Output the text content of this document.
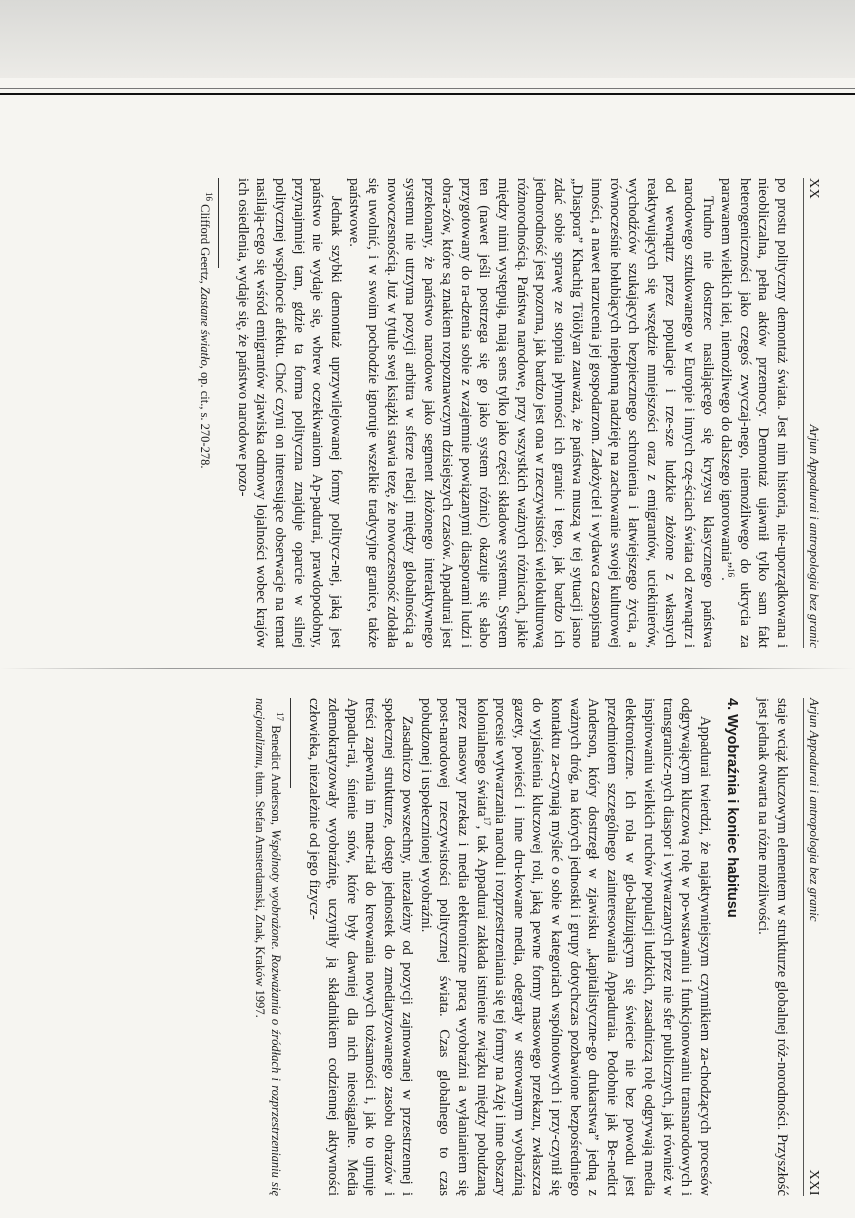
XX
Arjun Appadurai i antropologia bez granic

po prostu polityczny demontaż świata. Jest nim historia, nie-uporządkowana i nieobliczalna, pełna aktów przemocy. Demontaż ujawnił tylko sam fakt heterogeniczności jako czegoś zwyczaj-nego, niemożliwego do ukrycia za parawanem wielkich idei, niemożliwego do dalszego ignorowania”$^{16}$.

Trudno nie dostrzec nasilającego się kryzysu klasycznego państwa narodowego sztukowanego w Europie i innych czę-ściach świata od zewnątrz i od wewnątrz przez populacje i rze-sze ludzkie złożone z własnych reaktywujących się wszędzie mniejszości oraz z emigrantów, uciekinierów, wychodźców szukających bezpiecznego schronienia i łatwiejszego życia, a równocześnie hołubiących niepłonną nadzieję na zachowanie swojej kulturowej inności, a nawet narzucenia jej gospodarzom. Założyciel i wydawca czasopisma „Diaspora” Khachig Tölölyan zauważa, że państwa muszą w tej sytuacji jasno zdać sobie sprawę ze stopnia płynności ich granic i tego, jak bardzo ich jednorodność jest pozorna, jak bardzo jest ona w rzeczywistości wielokulturową różnorodnością. Państwa narodowe, przy wszystkich ważnych różnicach, jakie między nimi występują, mają sens tylko jako części składowe systemu. System ten (nawet jeśli postrzega się go jako system różnic) okazuje się słabo przygotowany do ra-dzenia sobie z wzajemnie powiązanymi diasporami ludzi i obra-zów, które są znakiem rozpoznawczym dzisiejszych czasów. Appadurai jest przekonany, że państwo narodowe jako segment złożonego interaktywnego systemu nie utrzyma pozycji arbitra w sferze relacji między globalnością a nowoczesnością. Już w tytule swej książki stawia tezę, że nowoczesność zdołała się uwolnić, i w swoim pochodzie ignoruje wszelkie tradycyjne granice, także państwowe.

Jednak szybki demontaż uprzywilejowanej formy politycz-nej, jaką jest państwo nie wydaje się, wbrew oczekiwaniom Ap-padurai, prawdopodobny, przynajmniej tam, gdzie ta forma polityczna znajduje oparcie w silnej politycznej wspólnocie afektu. Choć czyni on interesujące obserwacje na temat nasilają-cego się wśród emigrantów zjawiska odmowy lojalności wobec krajów ich osiedlenia, wydaje się, że państwo narodowe pozo-

$^{16}$ Clifford Geertz, Zastane światło, op. cit., s. 270-278.

Arjun Appadurai i antropologia bez granic
XXI

staje wciąż kluczowym elementem w strukturze globalnej róż-norodności. Przyszłość jest jednak otwarta na różne możliwości.

4. Wyobraźnia i koniec habitusu

Appadurai twierdzi, że najaktywniejszym czynnikiem za-chodzących procesów odgrywającym kluczową rolę w po-wstawaniu i funkcjonowaniu transnarodowych i transgranicz-nych diaspor i wytwarzanych przez nie sfer publicznych, jak również w inspirowaniu wielkich ruchów populacji ludzkich, zasadniczą rolę odgrywają media elektroniczne. Ich rola w glo-balizującym się świecie nie bez powodu jest przedmiotem szczególnego zainteresowania Appaduraia. Podobnie jak Be-nedict Anderson, który dostrzegł w zjawisku „kapitalistyczne-go drukarstwa” jedną z ważnych dróg, na których jednostki i grupy dotychczas pozbawione bezpośredniego kontaktu za-czynają myśleć o sobie w kategoriach wspólnotowych i przy-czynił się do wyjaśnienia kluczowej roli, jaką pewne formy masowego przekazu, zwłaszcza gazety, powieści i inne dru-kowane media, odegrały w sterowanym wyobraźnią procesie wytwarzania narodu i rozprzestrzeniania się tej formy na Azję i inne obszary kolonialnego świata$^{17}$, tak Appadurai zakłada istnienie związku między pobudzaną przez masowy przekaz i media elektroniczne pracą wyobraźni a wyłanianiem się post-narodowej rzeczywistości politycznej świata. Czas globalnego to czas pobudzonej i uspołecznionej wyobraźni.

Zasadniczo powszechny, niezależny od pozycji zajmowanej w przestrzennej i społecznej strukturze, dostęp jednostek do zmediatyzowanego zasobu obrazów i treści zapewnia im mate-riał do kreowania nowych tożsamości i, jak to ujmuje Appadu-rai, śnienie snów, które były dawniej dla nich nieosiągalne. Media zdemokratyzowały wyobraźnię, uczyniły ją składnikiem codziennej aktywności człowieka, niezależnie od jego fizycz-

$^{17}$ Benedict Anderson, Wspólnoty wyobrażone. Rozważania o źródłach i rozprzestrzenianiu się nacjonalizmu, tłum. Stefan Amsterdamski, Znak, Kraków 1997.
